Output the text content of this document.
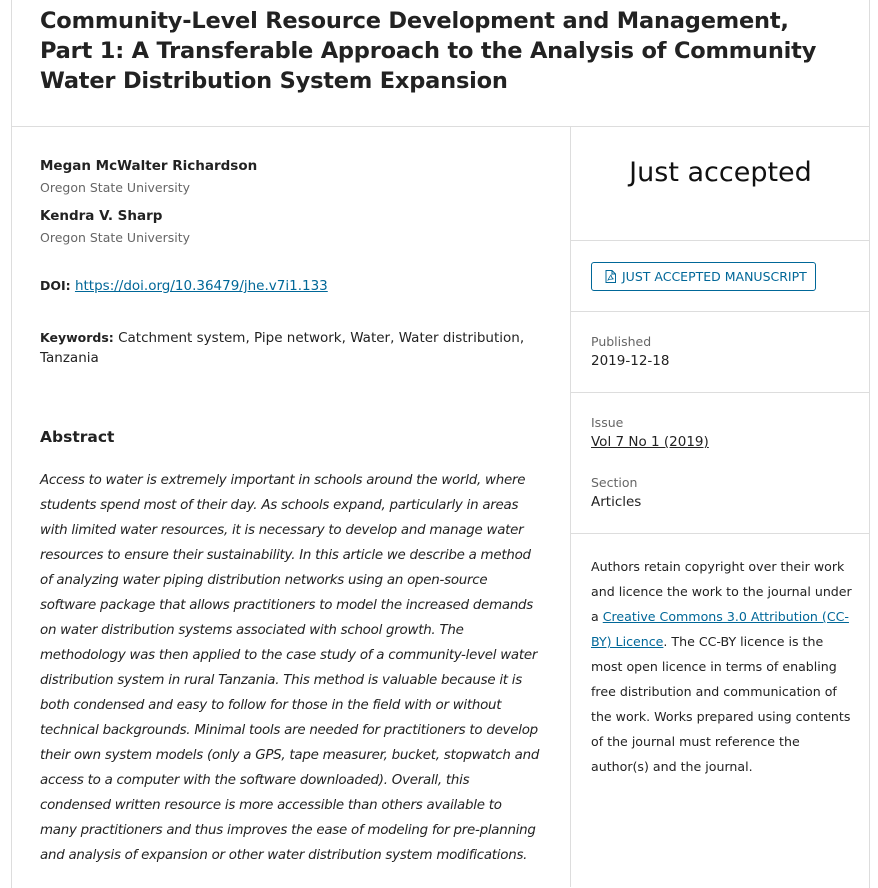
Community-Level Resource Development and Management, Part 1: A Transferable Approach to the Analysis of Community Water Distribution System Expansion

Megan McWalter Richardson

Oregon State University

Kendra V. Sharp

Oregon State University

DOI: https://doi.org/10.36479/jhe.v7i1.133

Keywords: Catchment system, Pipe network, Water, Water distribution, Tanzania

Abstract

Access to water is extremely important in schools around the world, where students spend most of their day. As schools expand, particularly in areas with limited water resources, it is necessary to develop and manage water resources to ensure their sustainability. In this article we describe a method of analyzing water piping distribution networks using an open-source software package that allows practitioners to model the increased demands on water distribution systems associated with school growth. The methodology was then applied to the case study of a community-level water distribution system in rural Tanzania. This method is valuable because it is both condensed and easy to follow for those in the field with or without technical backgrounds. Minimal tools are needed for practitioners to develop their own system models (only a GPS, tape measurer, bucket, stopwatch and access to a computer with the software downloaded). Overall, this condensed written resource is more accessible than others available to many practitioners and thus improves the ease of modeling for pre-planning and analysis of expansion or other water distribution system modifications.

Just accepted

JUST ACCEPTED MANUSCRIPT

Published

2019-12-18

Issue

Vol 7 No 1 (2019)

Section

Articles

Authors retain copyright over their work and licence the work to the journal under a Creative Commons 3.0 Attribution (CC-BY) Licence. The CC-BY licence is the most open licence in terms of enabling free distribution and communication of the work. Works prepared using contents of the journal must reference the author(s) and the journal.
